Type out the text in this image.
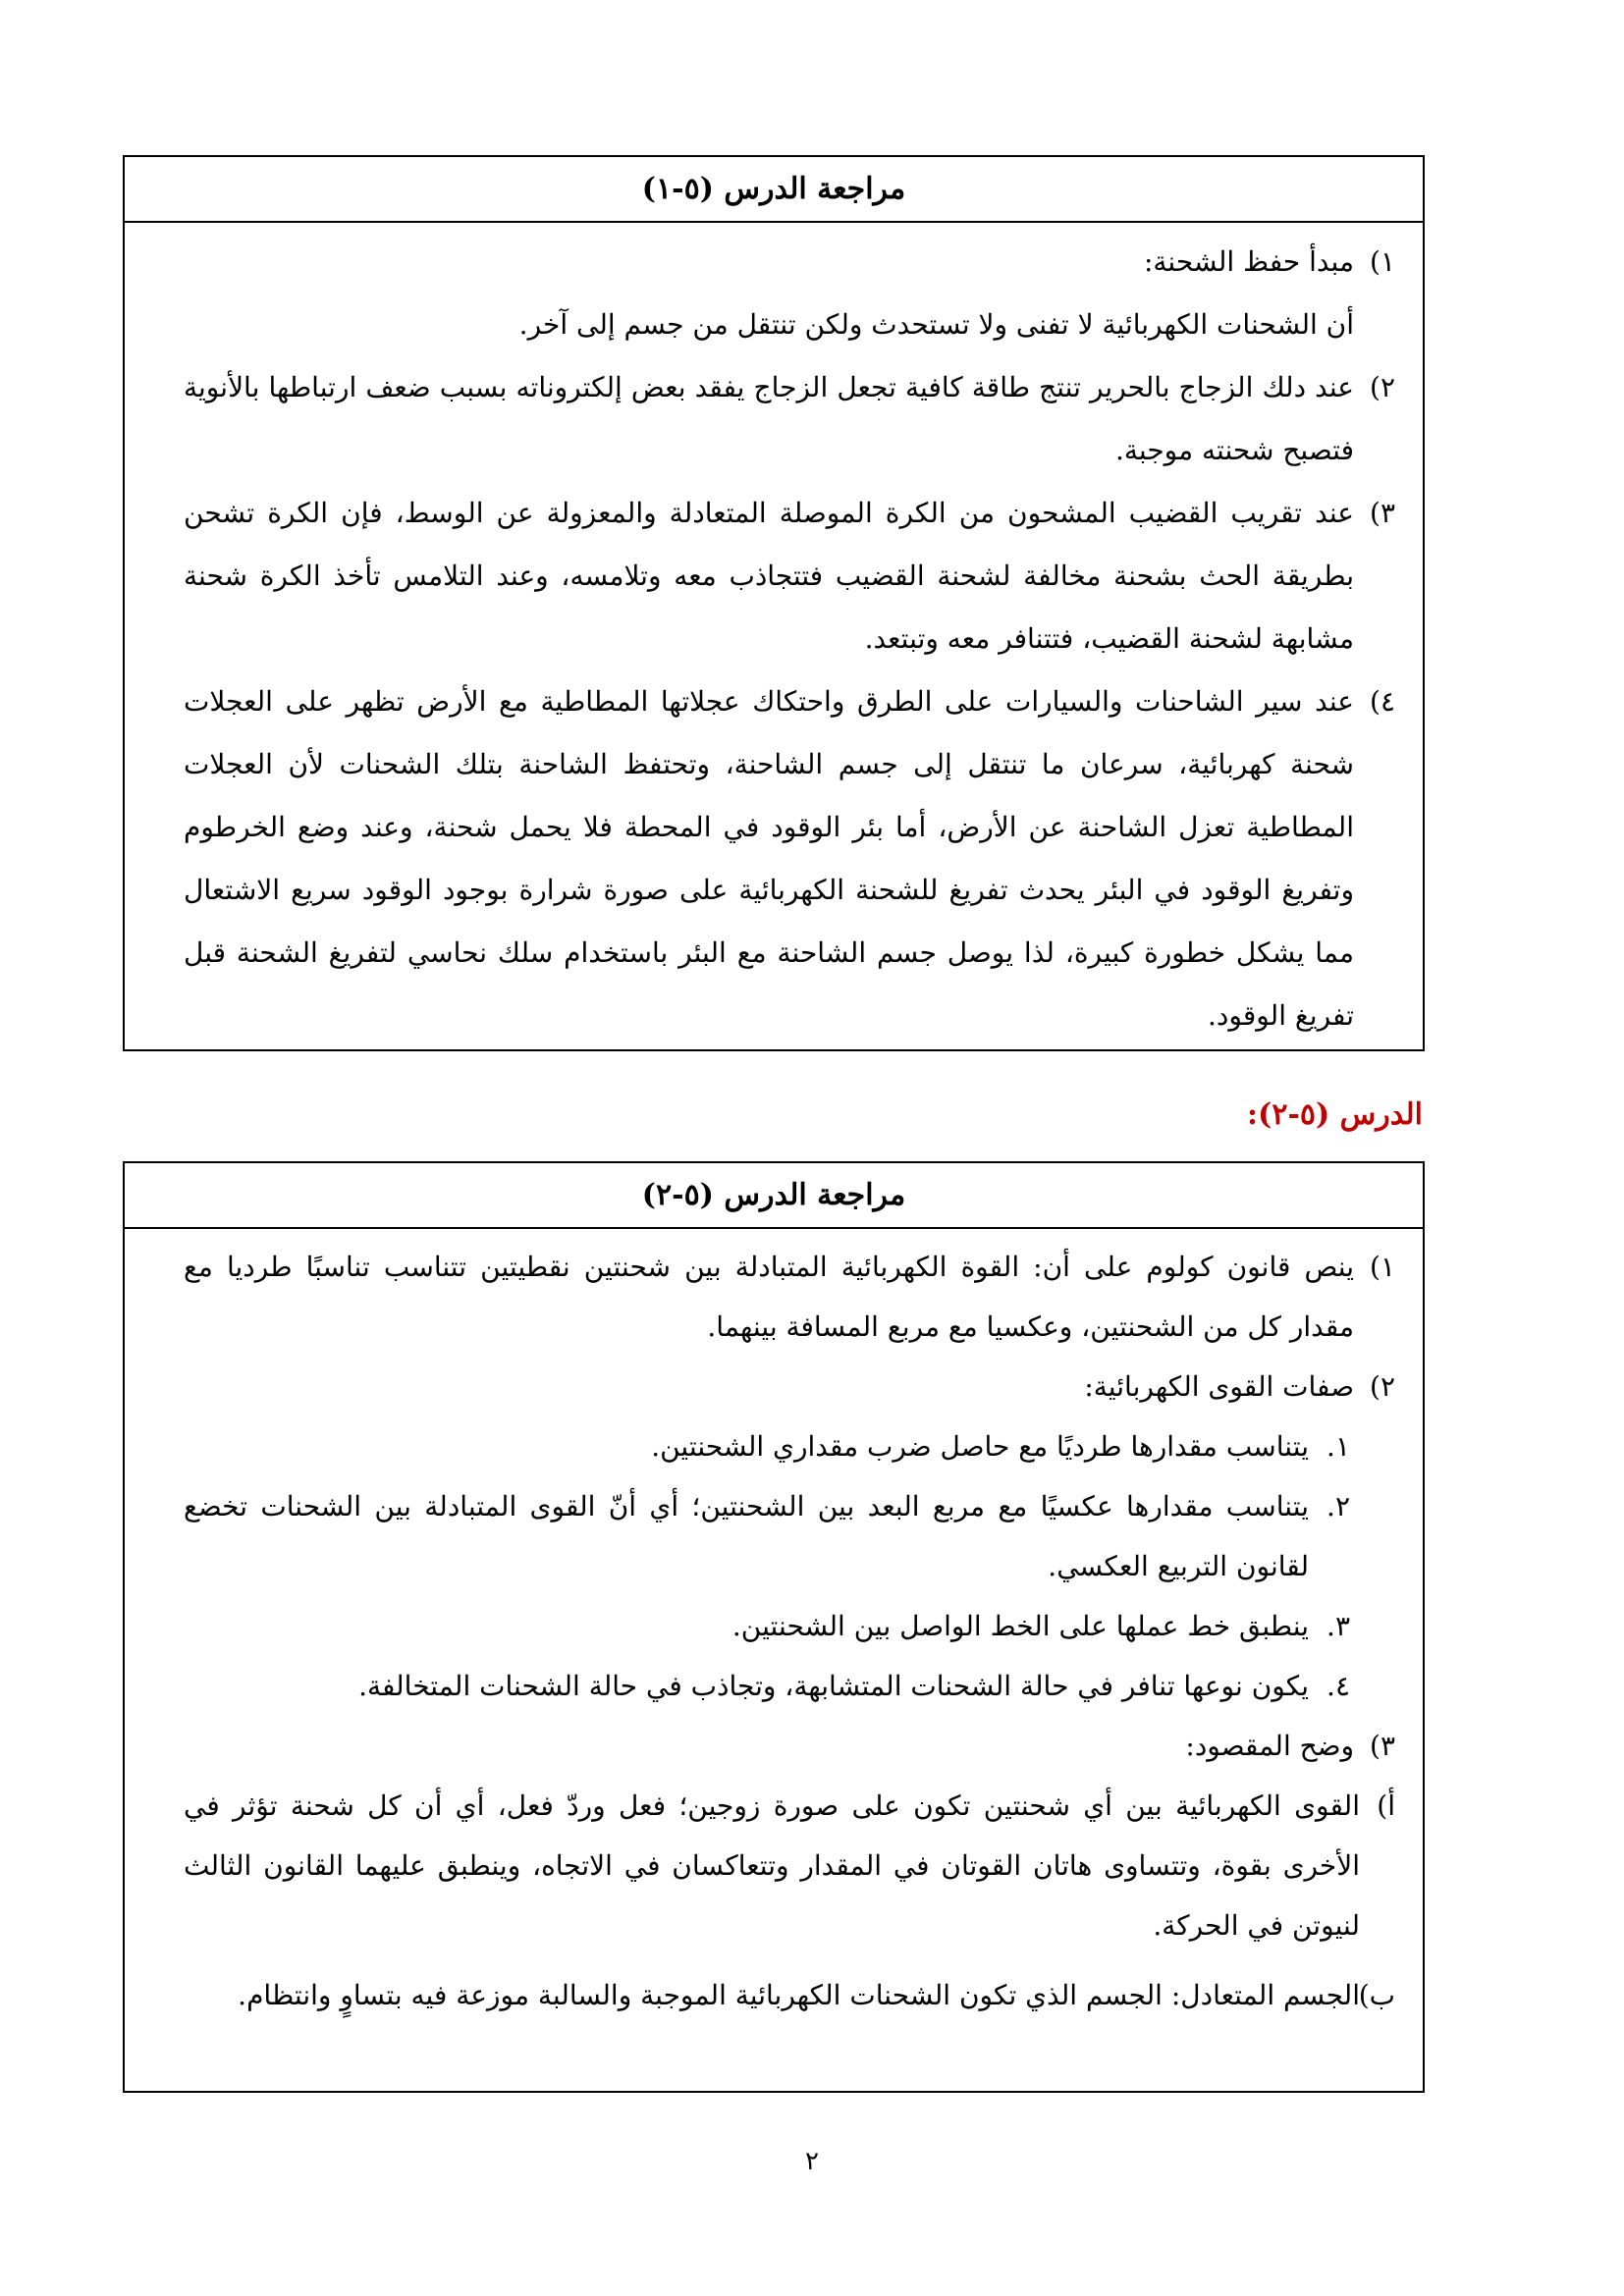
مراجعة الدرس (٥-١)
١)
مبدأ حفظ الشحنة:
أن الشحنات الكهربائية لا تفنى ولا تستحدث ولكن تنتقل من جسم إلى آخر.
٢)
عند دلك الزجاج بالحرير تنتج طاقة كافية تجعل الزجاج يفقد بعض إلكتروناته بسبب ضعف ارتباطها بالأنوية فتصبح شحنته موجبة.
٣)
عند تقريب القضيب المشحون من الكرة الموصلة المتعادلة والمعزولة عن الوسط، فإن الكرة تشحن بطريقة الحث بشحنة مخالفة لشحنة القضيب فتتجاذب معه وتلامسه، وعند التلامس تأخذ الكرة شحنة مشابهة لشحنة القضيب، فتتنافر معه وتبتعد.
٤)
عند سير الشاحنات والسيارات على الطرق واحتكاك عجلاتها المطاطية مع الأرض تظهر على العجلات شحنة كهربائية، سرعان ما تنتقل إلى جسم الشاحنة، وتحتفظ الشاحنة بتلك الشحنات لأن العجلات المطاطية تعزل الشاحنة عن الأرض، أما بئر الوقود في المحطة فلا يحمل شحنة، وعند وضع الخرطوم وتفريغ الوقود في البئر يحدث تفريغ للشحنة الكهربائية على صورة شرارة بوجود الوقود سريع الاشتعال مما يشكل خطورة كبيرة، لذا يوصل جسم الشاحنة مع البئر باستخدام سلك نحاسي لتفريغ الشحنة قبل تفريغ الوقود.
الدرس (٥-٢):
مراجعة الدرس (٥-٢)
١)
ينص قانون كولوم على أن: القوة الكهربائية المتبادلة بين شحنتين نقطيتين تتناسب تناسبًا طرديا مع مقدار كل من الشحنتين، وعكسيا مع مربع المسافة بينهما.
٢)
صفات القوى الكهربائية:
١.
يتناسب مقدارها طرديًا مع حاصل ضرب مقداري الشحنتين.
٢.
يتناسب مقدارها عكسيًا مع مربع البعد بين الشحنتين؛ أي أنّ القوى المتبادلة بين الشحنات تخضع لقانون التربيع العكسي.
٣.
ينطبق خط عملها على الخط الواصل بين الشحنتين.
٤.
يكون نوعها تنافر في حالة الشحنات المتشابهة، وتجاذب في حالة الشحنات المتخالفة.
٣)
وضح المقصود:
أ)
القوى الكهربائية بين أي شحنتين تكون على صورة زوجين؛ فعل وردّ فعل، أي أن كل شحنة تؤثر في الأخرى بقوة، وتتساوى هاتان القوتان في المقدار وتتعاكسان في الاتجاه، وينطبق عليهما القانون الثالث لنيوتن في الحركة.
ب)
الجسم المتعادل: الجسم الذي تكون الشحنات الكهربائية الموجبة والسالبة موزعة فيه بتساوٍ وانتظام.
٢
